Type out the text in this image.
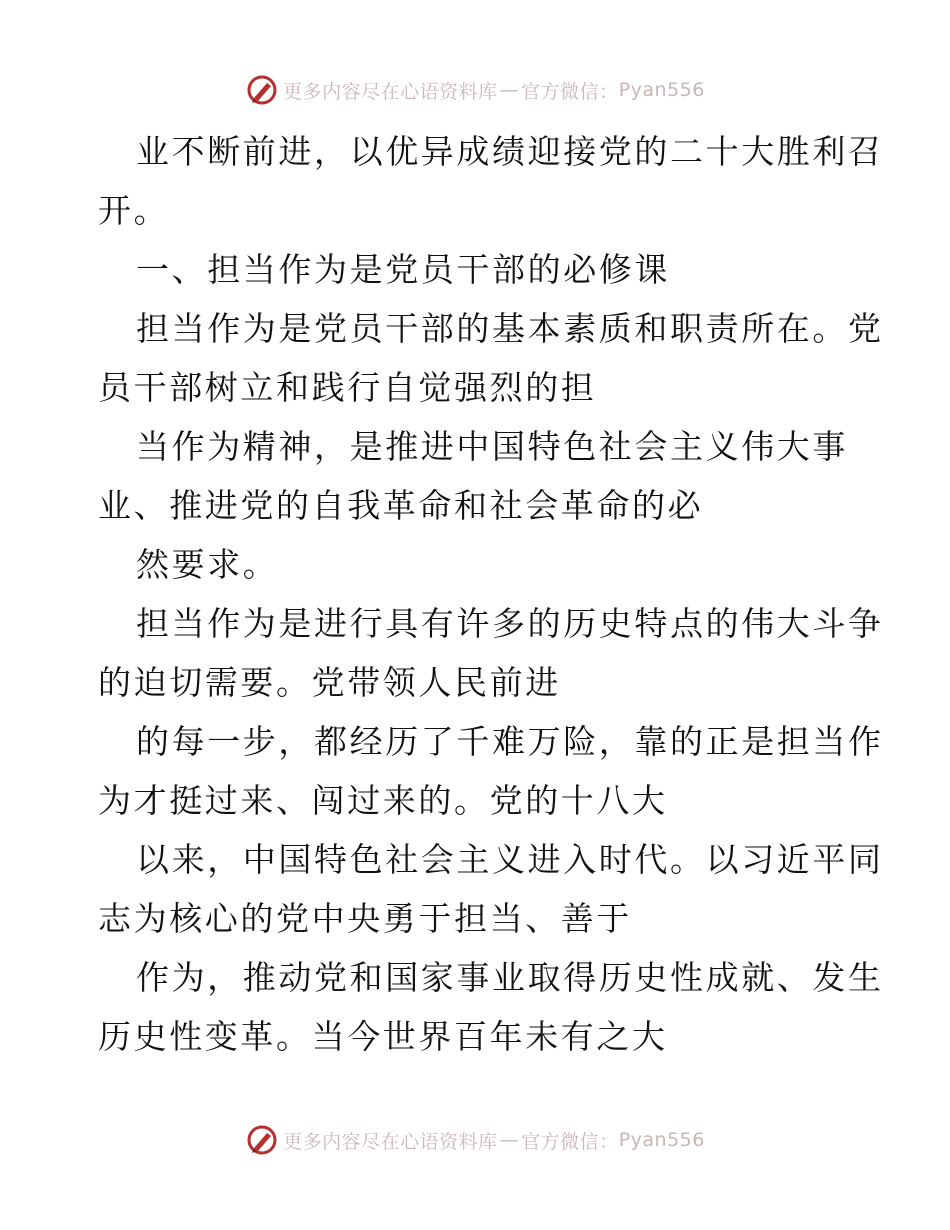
更多内容尽在心语资料库 — 官方微信： Pyan556

业不断前进，以优异成绩迎接党的二十大胜利召

开。

一、担当作为是党员干部的必修课

担当作为是党员干部的基本素质和职责所在。党

员干部树立和践行自觉强烈的担

当作为精神，是推进中国特色社会主义伟大事

业、推进党的自我革命和社会革命的必

然要求。

担当作为是进行具有许多的历史特点的伟大斗争

的迫切需要。党带领人民前进

的每一步，都经历了千难万险，靠的正是担当作

为才挺过来、闯过来的。党的十八大

以来，中国特色社会主义进入时代。以习近平同

志为核心的党中央勇于担当、善于

作为，推动党和国家事业取得历史性成就、发生

历史性变革。当今世界百年未有之大

更多内容尽在心语资料库 — 官方微信： Pyan556
